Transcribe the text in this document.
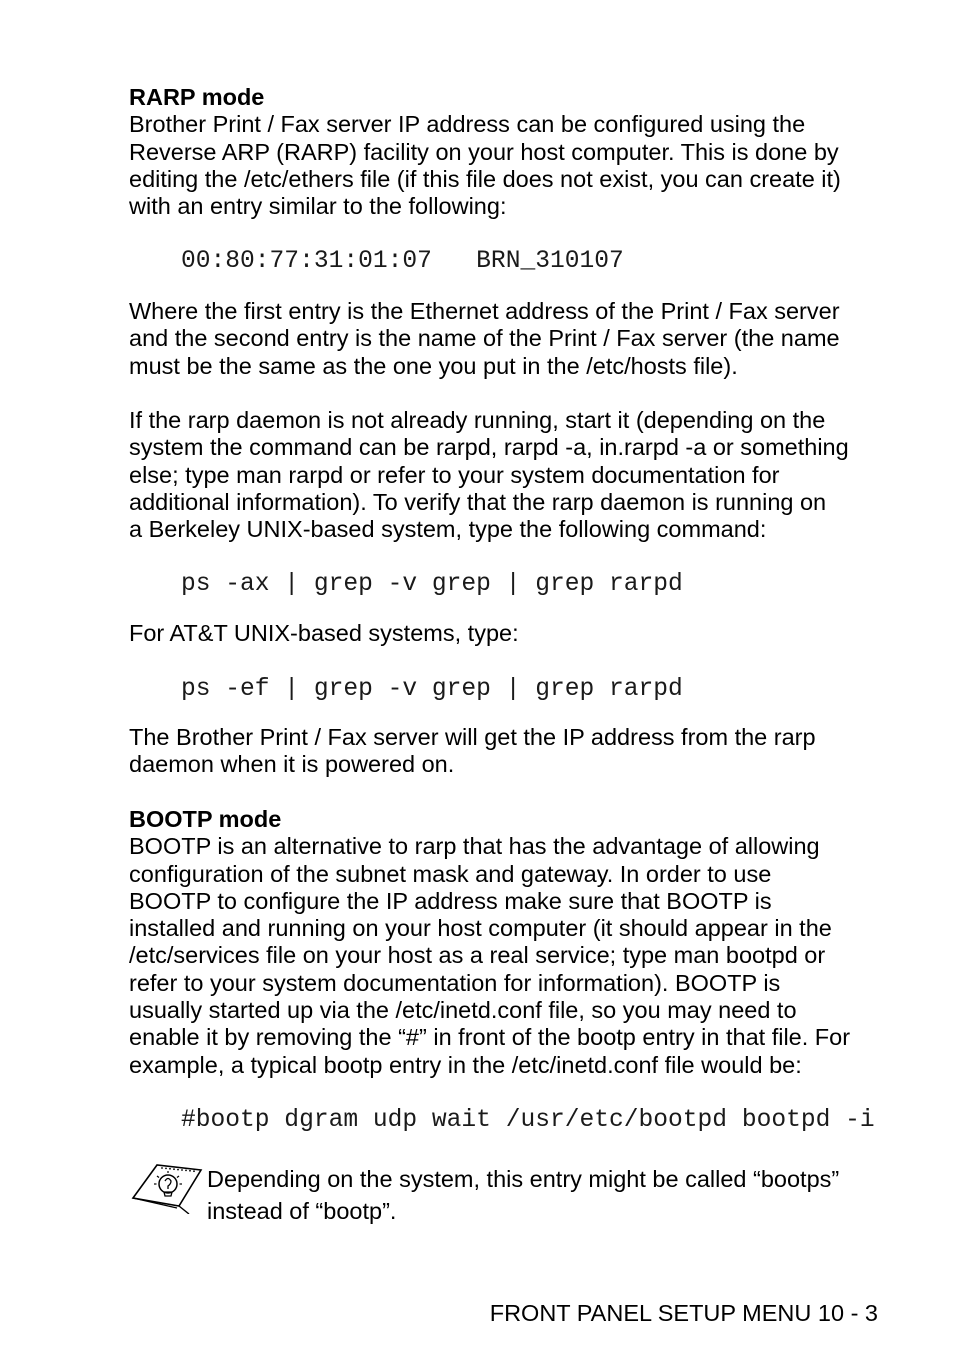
RARP mode
Brother Print / Fax server IP address can be configured using the
Reverse ARP (RARP) facility on your host computer. This is done by
editing the /etc/ethers file (if this file does not exist, you can create it)
with an entry similar to the following:
00:80:77:31:01:07   BRN_310107
Where the first entry is the Ethernet address of the Print / Fax server
and the second entry is the name of the Print / Fax server (the name
must be the same as the one you put in the /etc/hosts file).
If the rarp daemon is not already running, start it (depending on the
system the command can be rarpd, rarpd -a, in.rarpd -a or something
else; type man rarpd or refer to your system documentation for
additional information). To verify that the rarp daemon is running on
a Berkeley UNIX-based system, type the following command:
ps -ax | grep -v grep | grep rarpd
For AT&T UNIX-based systems, type:
ps -ef | grep -v grep | grep rarpd
The Brother Print / Fax server will get the IP address from the rarp
daemon when it is powered on.
BOOTP mode
BOOTP is an alternative to rarp that has the advantage of allowing
configuration of the subnet mask and gateway. In order to use
BOOTP to configure the IP address make sure that BOOTP is
installed and running on your host computer (it should appear in the
/etc/services file on your host as a real service; type man bootpd or
refer to your system documentation for information). BOOTP is
usually started up via the /etc/inetd.conf file, so you may need to
enable it by removing the “#” in front of the bootp entry in that file. For
example, a typical bootp entry in the /etc/inetd.conf file would be:
#bootp dgram udp wait /usr/etc/bootpd bootpd -i
Depending on the system, this entry might be called “bootps”
instead of “bootp”.
FRONT PANEL SETUP MENU 10 - 3
